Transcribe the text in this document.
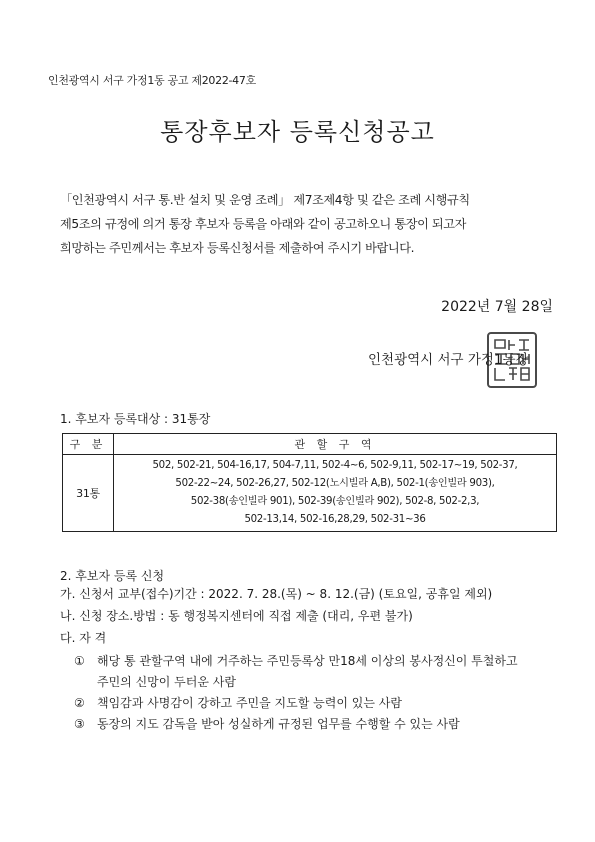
인천광역시 서구 가정1동 공고 제2022-47호
통장후보자 등록신청공고
「인천광역시 서구 통.반 설치 및 운영 조례」 제7조제4항 및 같은 조례 시행규칙
제5조의 규정에 의거 통장 후보자 등록을 아래와 같이 공고하오니 통장이 되고자
희망하는 주민께서는 후보자 등록신청서를 제출하여 주시기 바랍니다.
2022년 7월 28일
인천광역시 서구 가정1동장
1. 후보자 등록대상 : 31통장
구 분	관 할 구 역
31통	502, 502-21, 504-16,17, 504-7,11, 502-4~6, 502-9,11, 502-17~19, 502-37,
502-22~24, 502-26,27, 502-12(노시빌라 A,B), 502-1(송인빌라 903),
502-38(송인빌라 901), 502-39(송인빌라 902), 502-8, 502-2,3,
502-13,14, 502-16,28,29, 502-31~36
2. 후보자 등록 신청
가. 신청서 교부(접수)기간 : 2022. 7. 28.(목) ~ 8. 12.(금) (토요일, 공휴일 제외)
나. 신청 장소.방법 : 동 행정복지센터에 직접 제출 (대리, 우편 불가)
다. 자 격
① 해당 통 관할구역 내에 거주하는 주민등록상 만18세 이상의 봉사정신이 투철하고
주민의 신망이 두터운 사람
② 책임감과 사명감이 강하고 주민을 지도할 능력이 있는 사람
③ 동장의 지도 감독을 받아 성실하게 규정된 업무를 수행할 수 있는 사람
